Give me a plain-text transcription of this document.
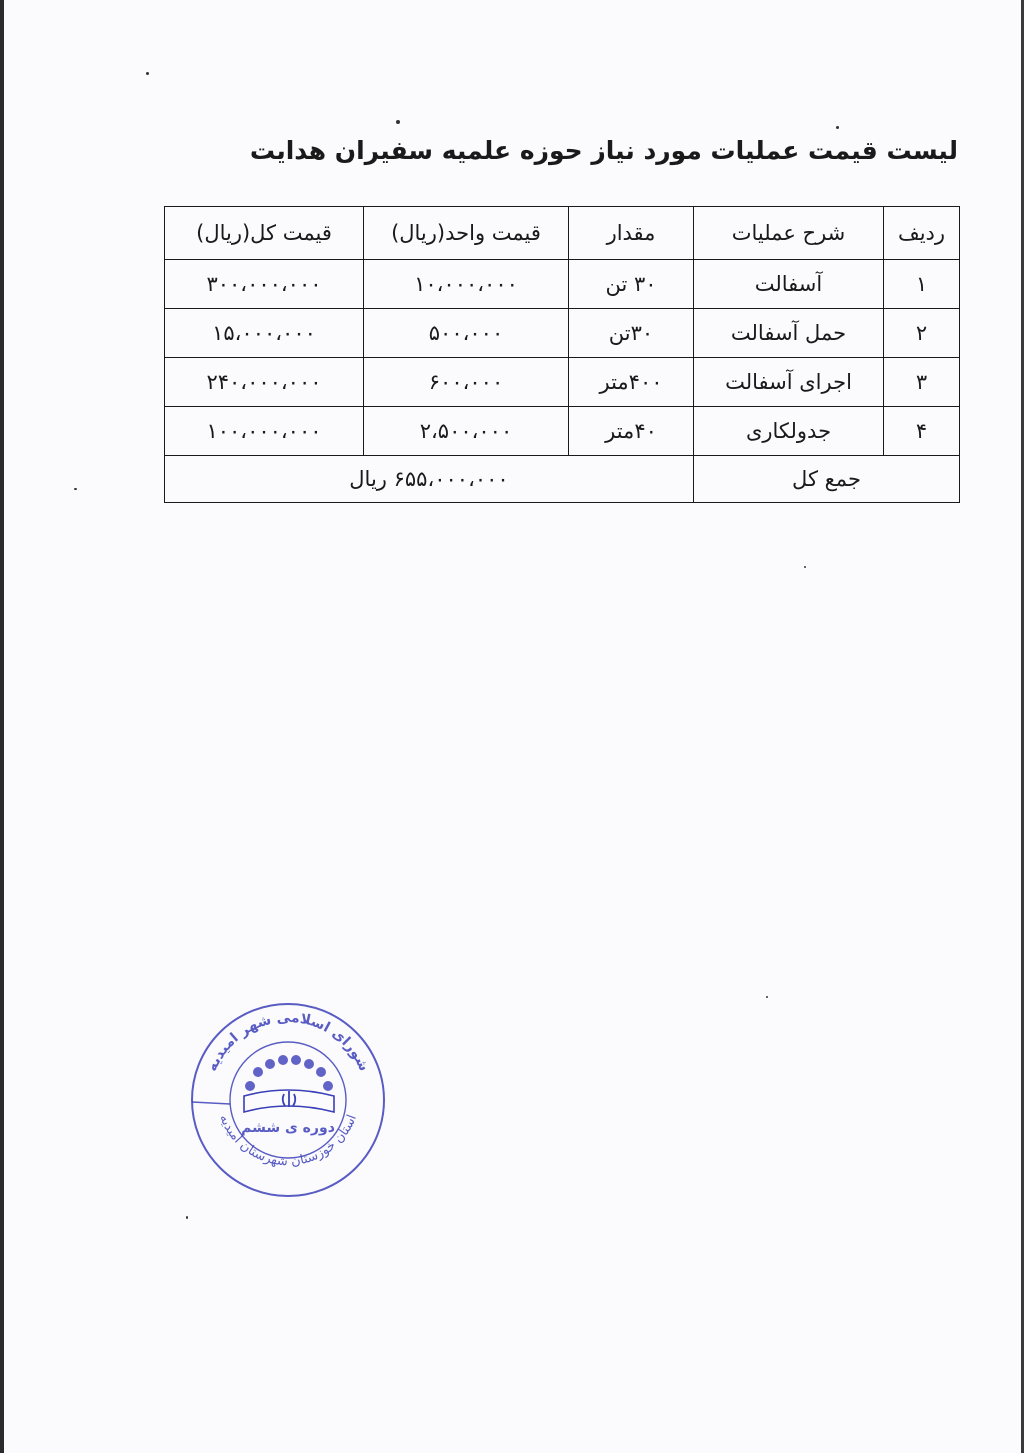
لیست قیمت عملیات مورد نیاز حوزه علمیه سفیران هدایت
ردیف	شرح عملیات	مقدار	قیمت واحد(ریال)	قیمت کل(ریال)
۱	آسفالت	۳۰ تن	۱۰،۰۰۰،۰۰۰	۳۰۰،۰۰۰،۰۰۰
۲	حمل آسفالت	۳۰تن	۵۰۰،۰۰۰	۱۵،۰۰۰،۰۰۰
۳	اجرای آسفالت	۴۰۰متر	۶۰۰،۰۰۰	۲۴۰،۰۰۰،۰۰۰
۴	جدولکاری	۴۰متر	۲،۵۰۰،۰۰۰	۱۰۰،۰۰۰،۰۰۰
جمع کل		۶۵۵،۰۰۰،۰۰۰ ریال		
شورای اسلامی شهر امیدیه
استان خوزستان شهرستان امیدیه
دوره ی ششم
